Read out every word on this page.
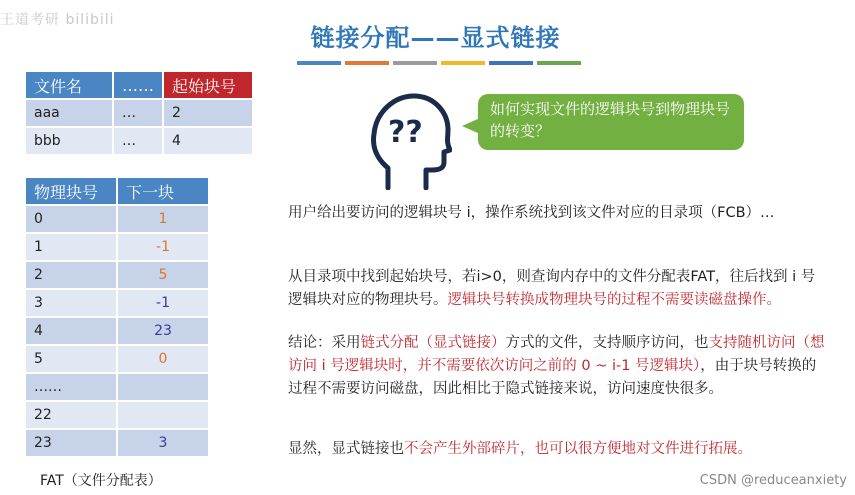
王道考研 bilibili
链接分配——显式链接
文件名	……	起始块号
aaa	…	2
bbb	…	4
物理块号	下一块
0	1
1	-1
2	5
3	-1
4	23
5	0
……	
22	
23	3
FAT（文件分配表）
??
如何实现文件的逻辑块号到物理块号的转变？
用户给出要访问的逻辑块号 i，操作系统找到该文件对应的目录项（FCB）…
从目录项中找到起始块号，若i>0，则查询内存中的文件分配表FAT，往后找到 i 号逻辑块对应的物理块号。逻辑块号转换成物理块号的过程不需要读磁盘操作。
结论：采用链式分配（显式链接）方式的文件，支持顺序访问，也支持随机访问（想访问 i 号逻辑块时，并不需要依次访问之前的 0 ~ i-1 号逻辑块），由于块号转换的过程不需要访问磁盘，因此相比于隐式链接来说，访问速度快很多。
显然，显式链接也不会产生外部碎片，也可以很方便地对文件进行拓展。
CSDN @reduceanxiety
